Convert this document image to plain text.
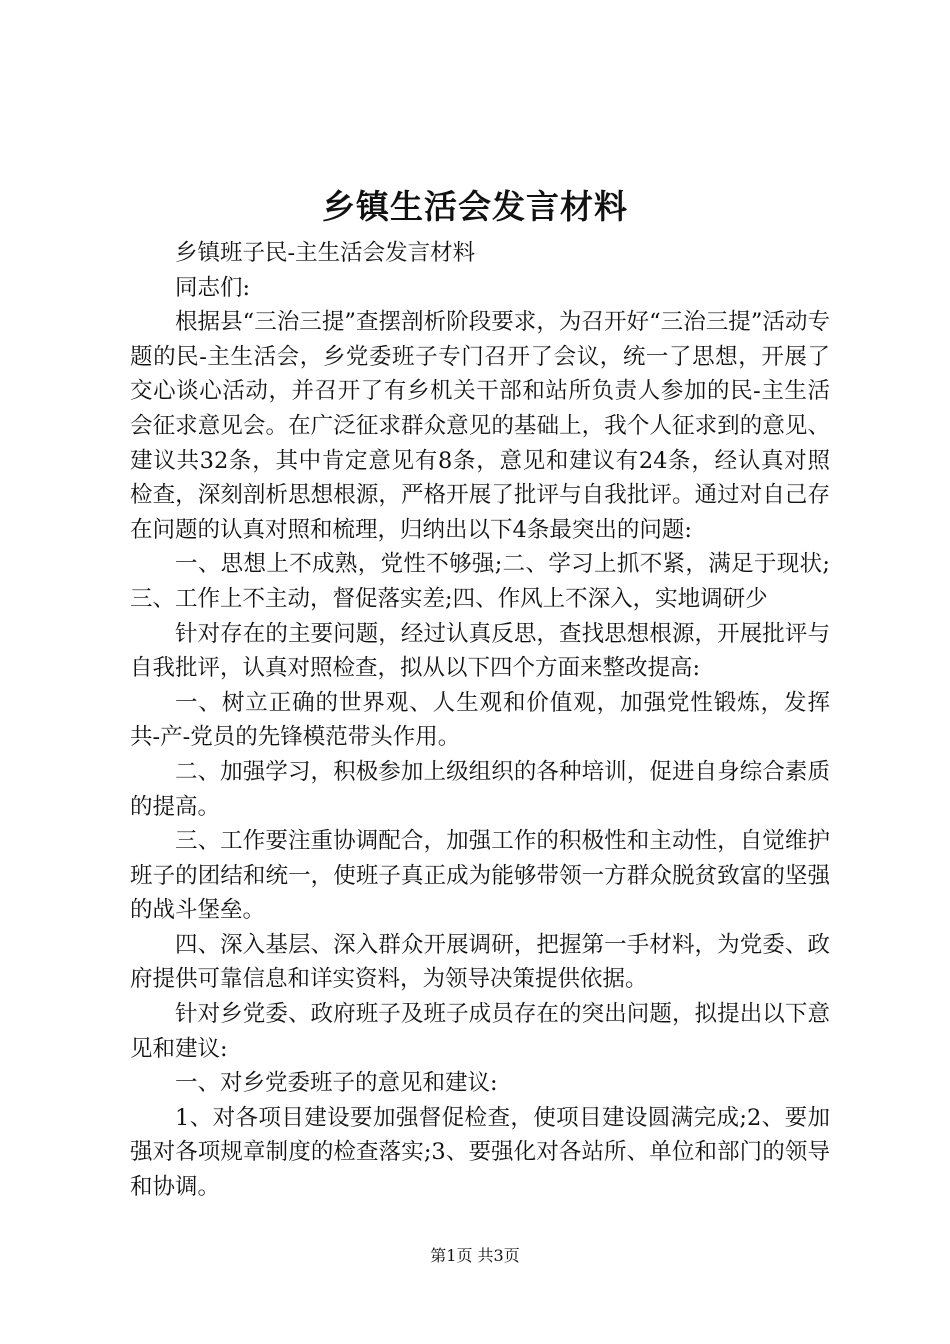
乡镇生活会发言材料

乡镇班子民-主生活会发言材料

同志们:

根据县“三治三提”查摆剖析阶段要求，为召开好“三治三提”活动专题的民-主生活会，乡党委班子专门召开了会议，统一了思想，开展了交心谈心活动，并召开了有乡机关干部和站所负责人参加的民-主生活会征求意见会。在广泛征求群众意见的基础上，我个人征求到的意见、建议共32条，其中肯定意见有8条，意见和建议有24条，经认真对照检查，深刻剖析思想根源，严格开展了批评与自我批评。通过对自己存在问题的认真对照和梳理，归纳出以下4条最突出的问题:

一、思想上不成熟，党性不够强;二、学习上抓不紧，满足于现状;三、工作上不主动，督促落实差;四、作风上不深入，实地调研少

针对存在的主要问题，经过认真反思，查找思想根源，开展批评与自我批评，认真对照检查，拟从以下四个方面来整改提高:

一、树立正确的世界观、人生观和价值观，加强党性锻炼，发挥共-产-党员的先锋模范带头作用。

二、加强学习，积极参加上级组织的各种培训，促进自身综合素质的提高。

三、工作要注重协调配合，加强工作的积极性和主动性，自觉维护班子的团结和统一，使班子真正成为能够带领一方群众脱贫致富的坚强的战斗堡垒。

四、深入基层、深入群众开展调研，把握第一手材料，为党委、政府提供可靠信息和详实资料，为领导决策提供依据。

针对乡党委、政府班子及班子成员存在的突出问题，拟提出以下意见和建议:

一、对乡党委班子的意见和建议:

1、对各项目建设要加强督促检查，使项目建设圆满完成;2、要加强对各项规章制度的检查落实;3、要强化对各站所、单位和部门的领导和协调。

第1页 共3页
